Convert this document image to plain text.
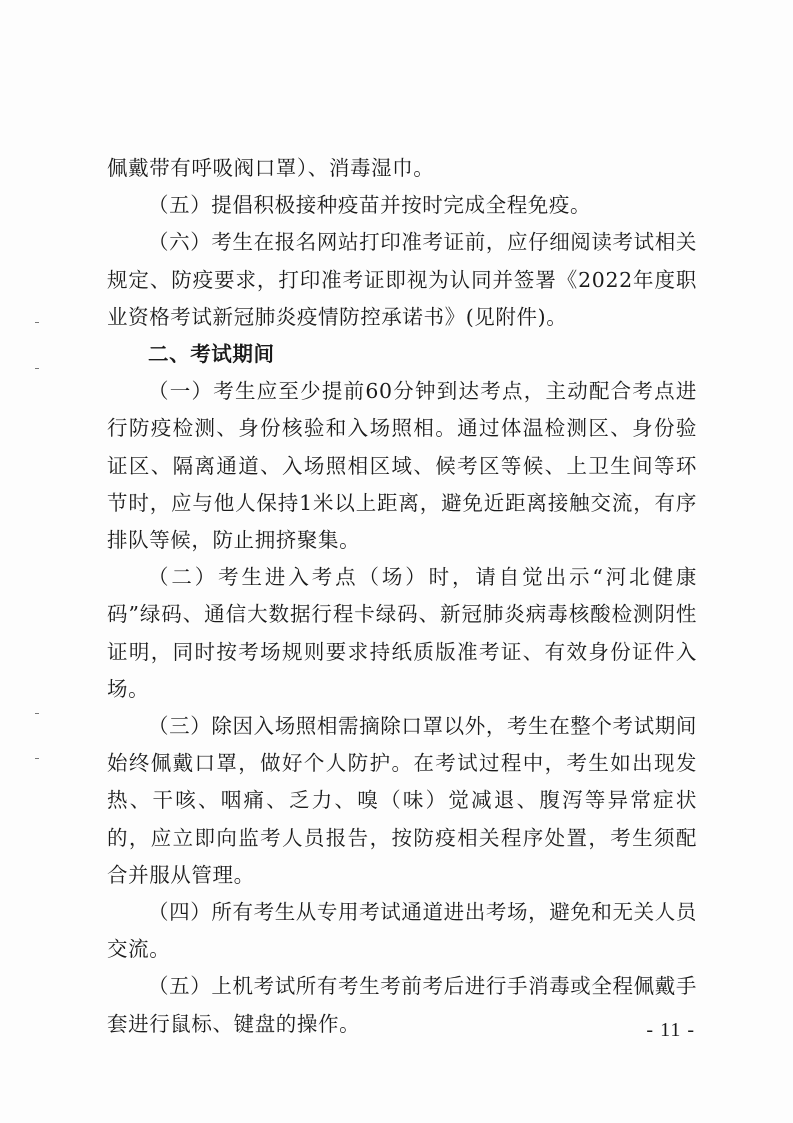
佩戴带有呼吸阀口罩）、消毒湿巾。

（五）提倡积极接种疫苗并按时完成全程免疫。

（六）考生在报名网站打印准考证前，应仔细阅读考试相关规定、防疫要求，打印准考证即视为认同并签署《2022年度职业资格考试新冠肺炎疫情防控承诺书》(见附件)。

二、考试期间

（一）考生应至少提前60分钟到达考点，主动配合考点进行防疫检测、身份核验和入场照相。通过体温检测区、身份验证区、隔离通道、入场照相区域、候考区等候、上卫生间等环节时，应与他人保持1米以上距离，避免近距离接触交流，有序排队等候，防止拥挤聚集。

（二）考生进入考点（场）时，请自觉出示“河北健康码”绿码、通信大数据行程卡绿码、新冠肺炎病毒核酸检测阴性证明，同时按考场规则要求持纸质版准考证、有效身份证件入场。

（三）除因入场照相需摘除口罩以外，考生在整个考试期间始终佩戴口罩，做好个人防护。在考试过程中，考生如出现发热、干咳、咽痛、乏力、嗅（味）觉减退、腹泻等异常症状的，应立即向监考人员报告，按防疫相关程序处置，考生须配合并服从管理。

（四）所有考生从专用考试通道进出考场，避免和无关人员交流。

（五）上机考试所有考生考前考后进行手消毒或全程佩戴手套进行鼠标、键盘的操作。	- 11 -
